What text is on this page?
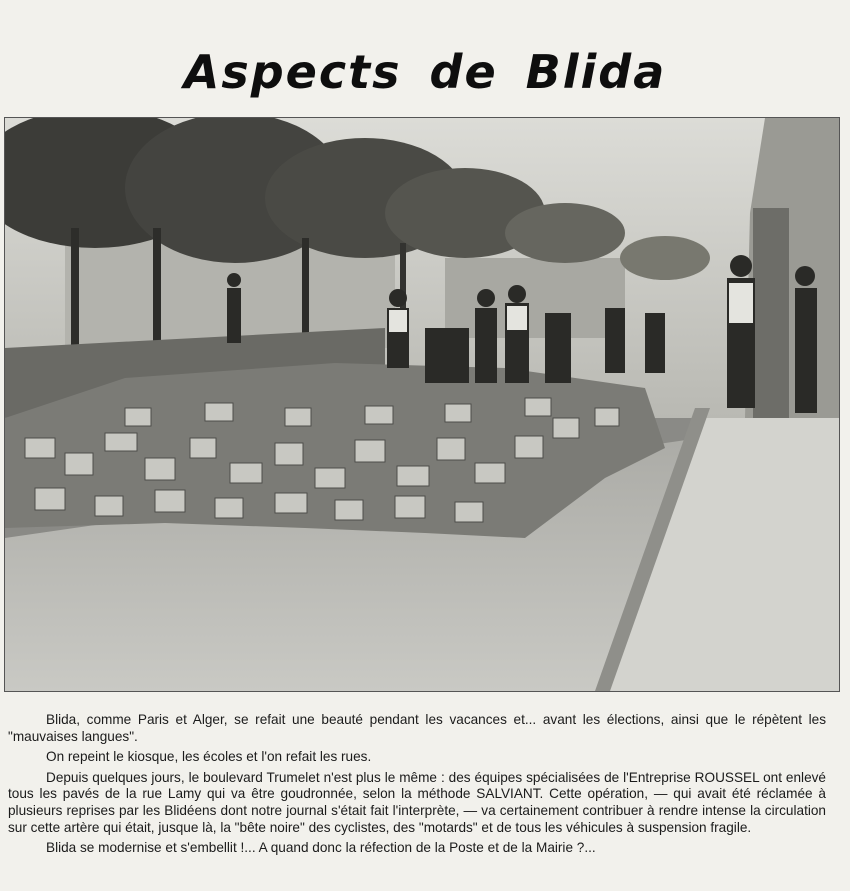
Aspects de Blida

Blida, comme Paris et Alger, se refait une beauté pendant les vacances et... avant les élections, ainsi que le répètent les "mauvaises langues".

On repeint le kiosque, les écoles et l'on refait les rues.

Depuis quelques jours, le boulevard Trumelet n'est plus le même : des équipes spécialisées de l'Entreprise ROUSSEL ont enlevé tous les pavés de la rue Lamy qui va être goudronnée, selon la méthode SALVIANT. Cette opération, — qui avait été réclamée à plusieurs reprises par les Blidéens dont notre journal s'était fait l'interprète, — va certainement contribuer à rendre intense la circulation sur cette artère qui était, jusque là, la "bête noire" des cyclistes, des "motards" et de tous les véhicules à suspension fragile.

Blida se modernise et s'embellit !... A quand donc la réfection de la Poste et de la Mairie ?...
